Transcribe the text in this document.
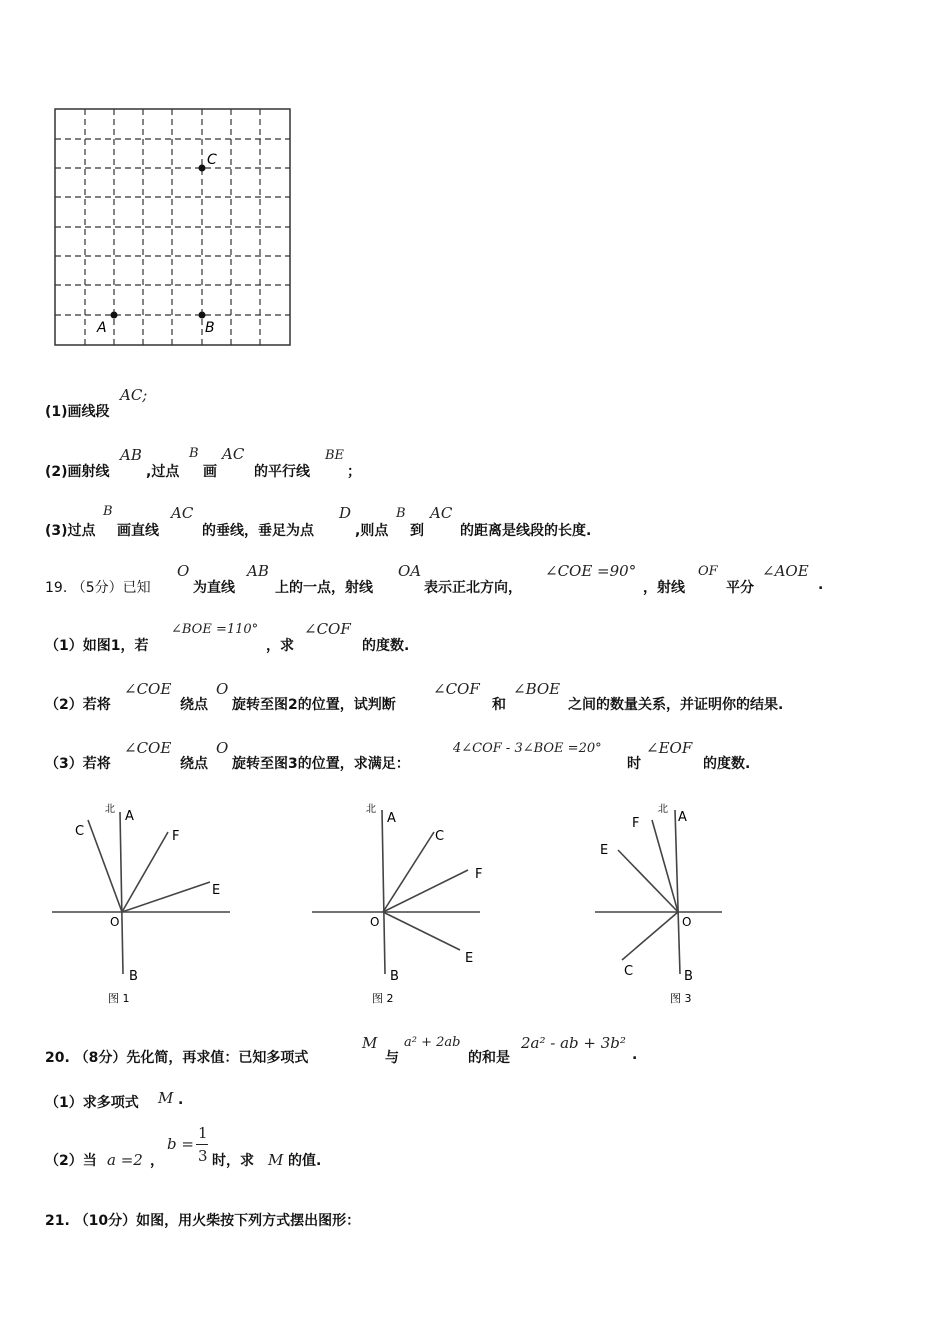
C
A	B
(1)画线段
AC;
(2)画射线
AB
,过点
B
画
AC
的平行线
BE
；
(3)过点
B
画直线
AC
的垂线，垂足为点
D
,则点
B
到
AC
的距离是线段的长度.
19. （5分）已知
O
为直线
AB
上的一点，射线
OA
表示正北方向，
∠COE =90°
，射线
OF
平分
∠AOE
.
（1）如图1，若
∠BOE =110°
，求
∠COF
的度数.
（2）若将
∠COE
绕点
O
旋转至图2的位置，试判断
∠COF
和
∠BOE
之间的数量关系，并证明你的结果.
（3）若将
∠COE
绕点
O
旋转至图3的位置，求满足：
4∠COF - 3∠BOE =20°
时
∠EOF
的度数.
北 A
C	F
E
O
B
图 1
北
A
C
F
E
O
B
图 2
北
A
F
E
C
O
B
图 3
20. （8分）先化简，再求值：已知多项式
M
与
a² + 2ab
的和是
2a² - ab + 3b²
.
（1）求多项式 M .
（2）当 a =2 ，
b =
1
3 时，求 M 的值.
21. （10分）如图，用火柴按下列方式摆出图形：
